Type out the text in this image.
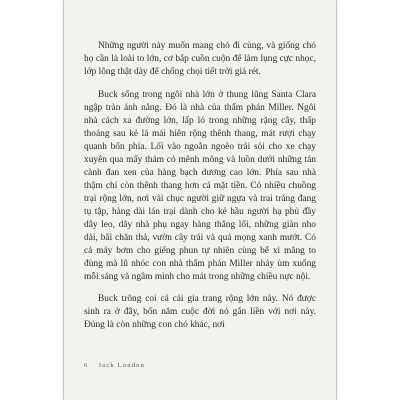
Những người này muốn mang chó đi cùng, và giống chó họ cần là loài to lớn, cơ bắp cuồn cuộn để làm lụng cực nhọc, lớp lông thật dày để chống chọi tiết trời giá rét.

Buck sống trong ngôi nhà lớn ở thung lũng Santa Clara ngập tràn ánh nắng. Đó là nhà của thẩm phán Miller. Ngôi nhà cách xa đường lớn, lấp ló trong những rặng cây, thấp thoáng sau kẻ lá mái hiên rộng thênh thang, mát rượi chạy quanh bốn phía. Lối vào ngoằn ngoèo trải sỏi cho xe chạy xuyên qua mấy thảm cỏ mênh mông và luồn dưới những tán cành đan xen của hàng bạch dương cao lớn. Phía sau nhà thậm chí còn thênh thang hơn cả mặt tiền. Có nhiều chuồng trại rộng lớn, nơi vài chục người giữ ngựa và trai tráng đang tụ tập, hàng dài lán trại dành cho kẻ hầu người hạ phủ đầy dây leo, dãy nhà phụ ngay hàng thẳng lối, những giàn nho dài, bãi chăn thả, vườn cây trái và quả mọng xanh mướt. Có cả máy bơm cho giếng phun tự nhiên cùng bể xi măng to đùng mà lũ nhóc con nhà thẩm phán Miller nhảy ùm xuống mỗi sáng và ngâm mình cho mát trong những chiều nực nội.

Buck trông coi cả cái gia trang rộng lớn này. Nó được sinh ra ở đây, bốn năm cuộc đời nó gắn liền với nơi này. Đúng là còn những con chó khác, nơi

6 Jack London
